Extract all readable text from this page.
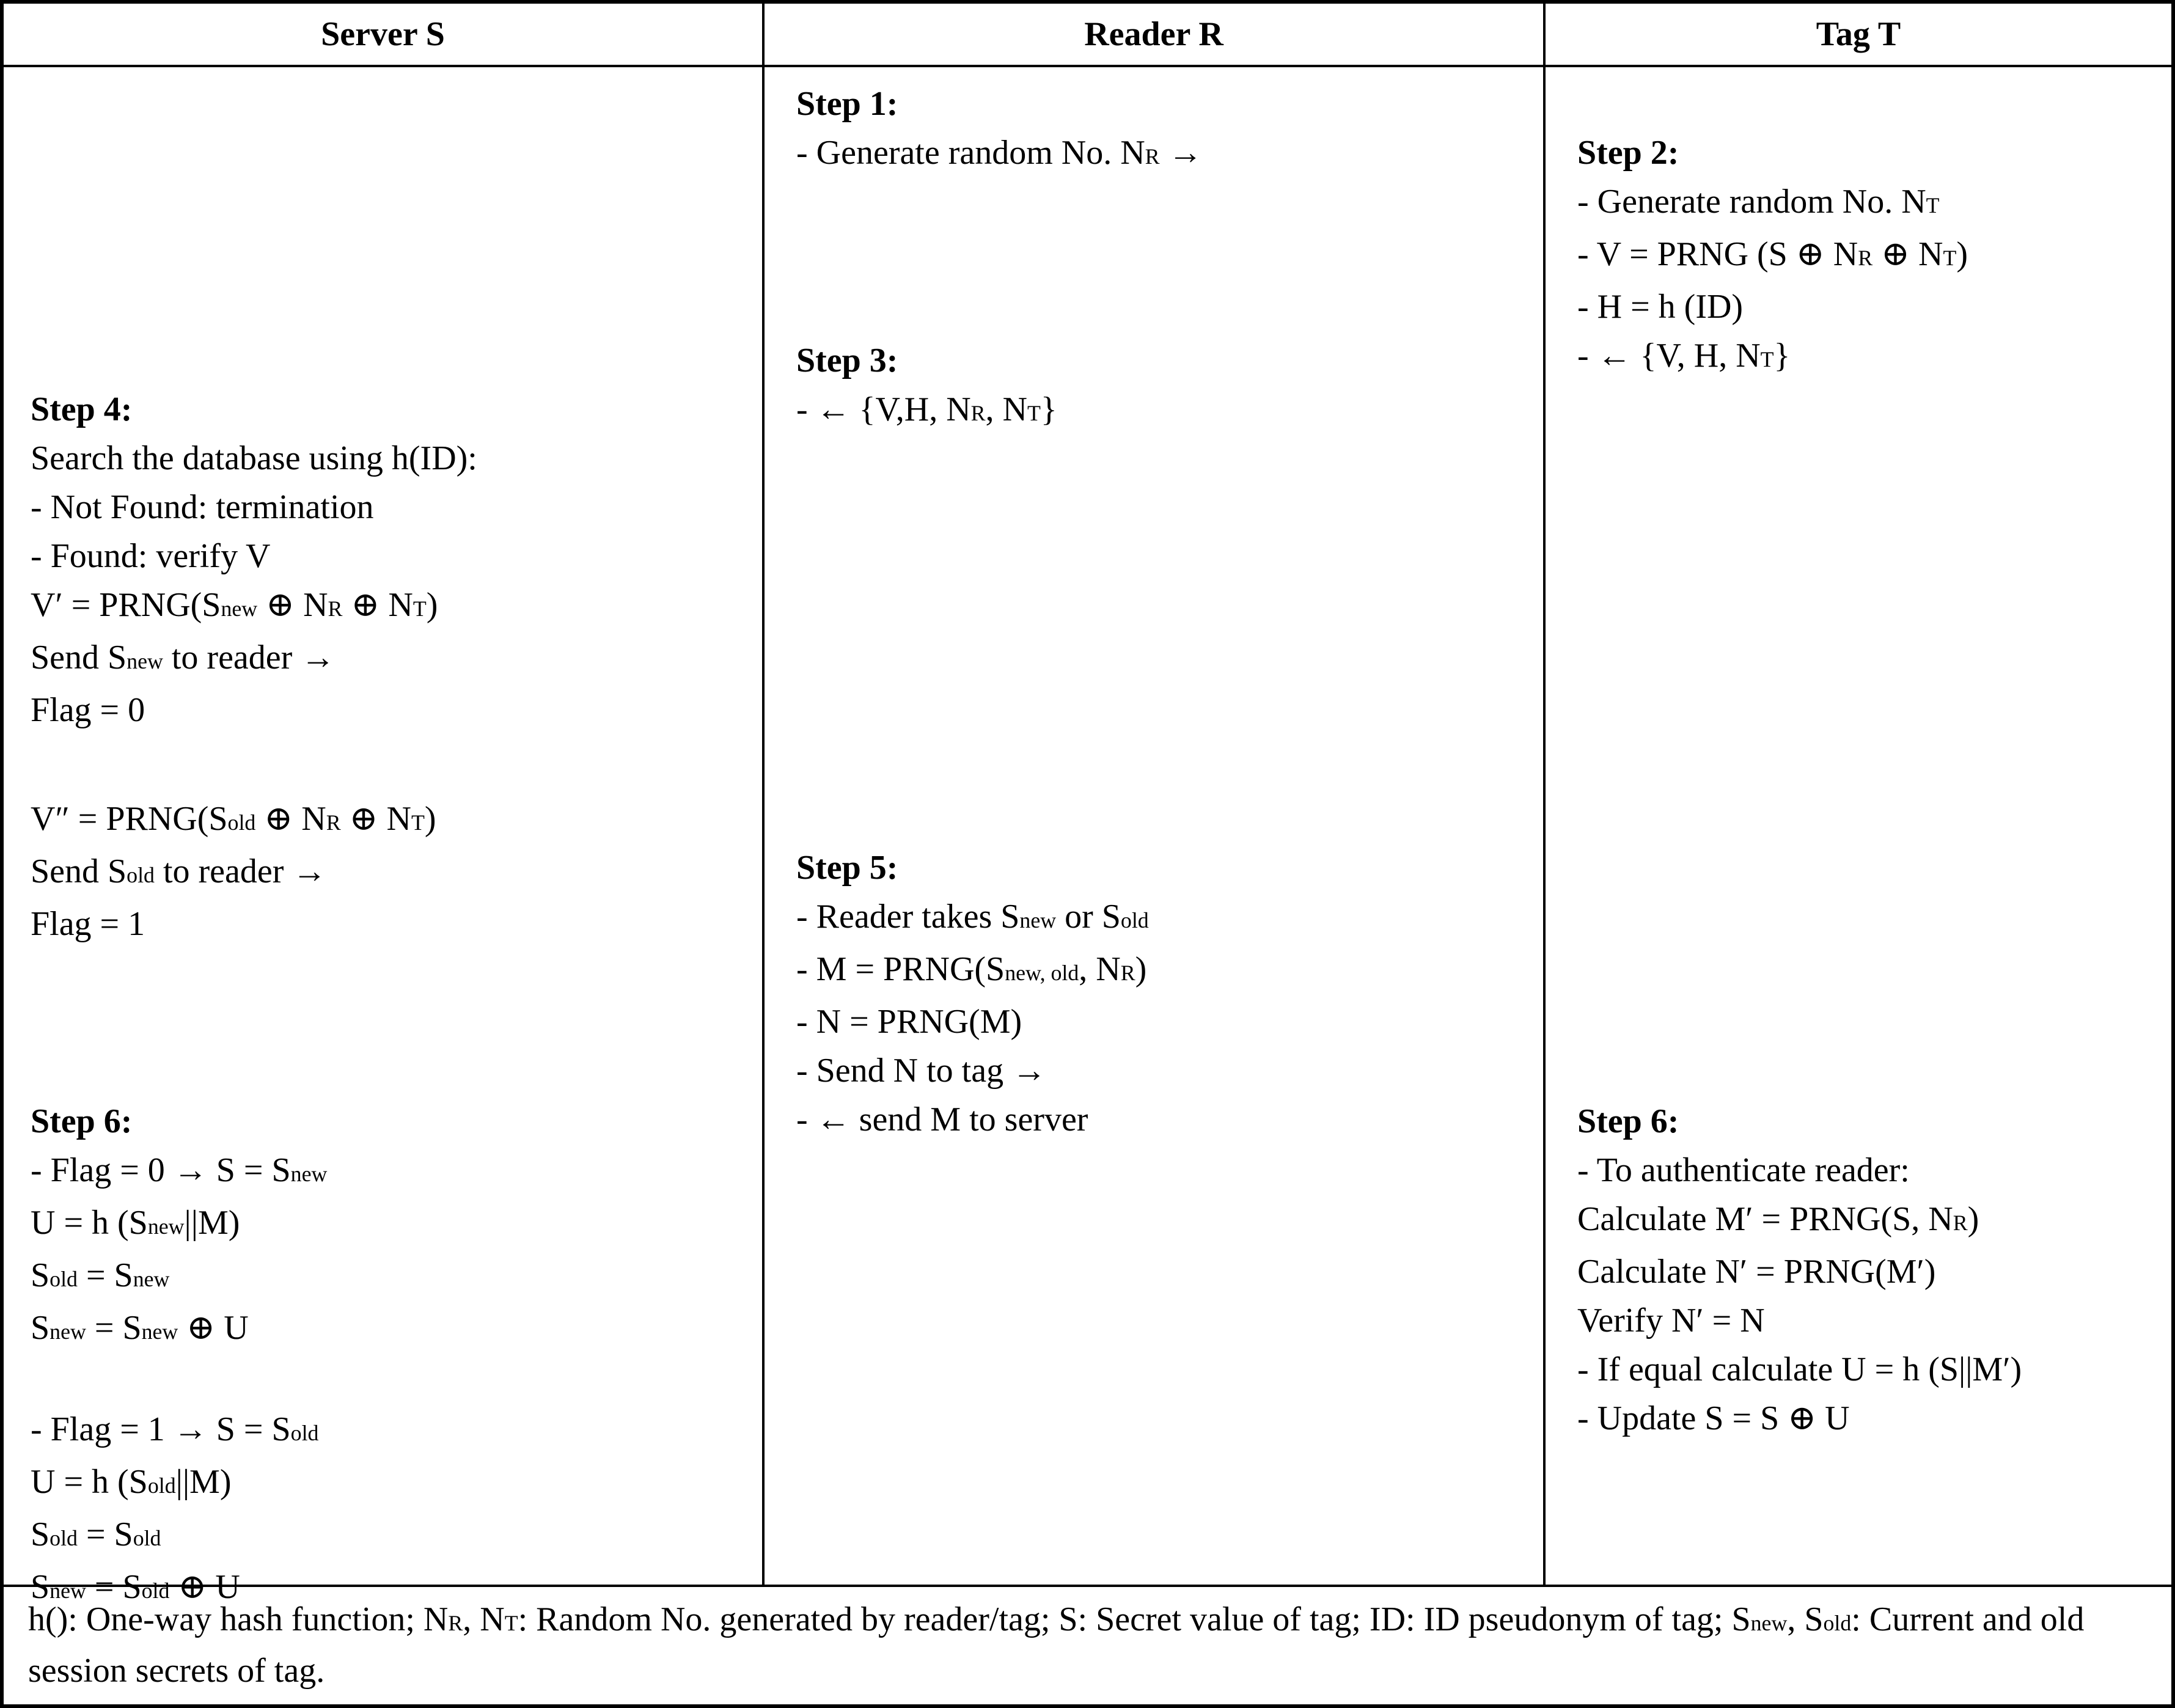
Server S	Reader R	Tag T
Step 4:
Search the database using h(ID):
- Not Found: termination
- Found: verify V
V′ = PRNG(Snew ⊕ NR ⊕ NT)
Send Snew to reader →
Flag = 0
V″ = PRNG(Sold ⊕ NR ⊕ NT)
Send Sold to reader →
Flag = 1
Step 6:
- Flag = 0 → S = Snew
U = h (Snew||M)
Sold = Snew
Snew = Snew ⊕ U

- Flag = 1 → S = Sold
U = h (Sold||M)
Sold = Sold
Snew = Sold ⊕ U
Step 1:
- Generate random No. NR →
Step 3:
- ← {V,H, NR, NT}
Step 5:
- Reader takes Snew or Sold
- M = PRNG(Snew, old, NR)
- N = PRNG(M)
- Send N to tag →
- ← send M to server
Step 2:
- Generate random No. NT
- V = PRNG (S ⊕ NR ⊕ NT)
- H = h (ID)
- ← {V, H, NT}
Step 6:
- To authenticate reader:
Calculate M′ = PRNG(S, NR)
Calculate N′ = PRNG(M′)
Verify N′ = N
- If equal calculate U = h (S||M′)
- Update S = S ⊕ U
h(): One-way hash function; NR, NT: Random No. generated by reader/tag; S: Secret value of tag; ID: ID pseudonym of tag; Snew, Sold: Current and old session secrets of tag.
